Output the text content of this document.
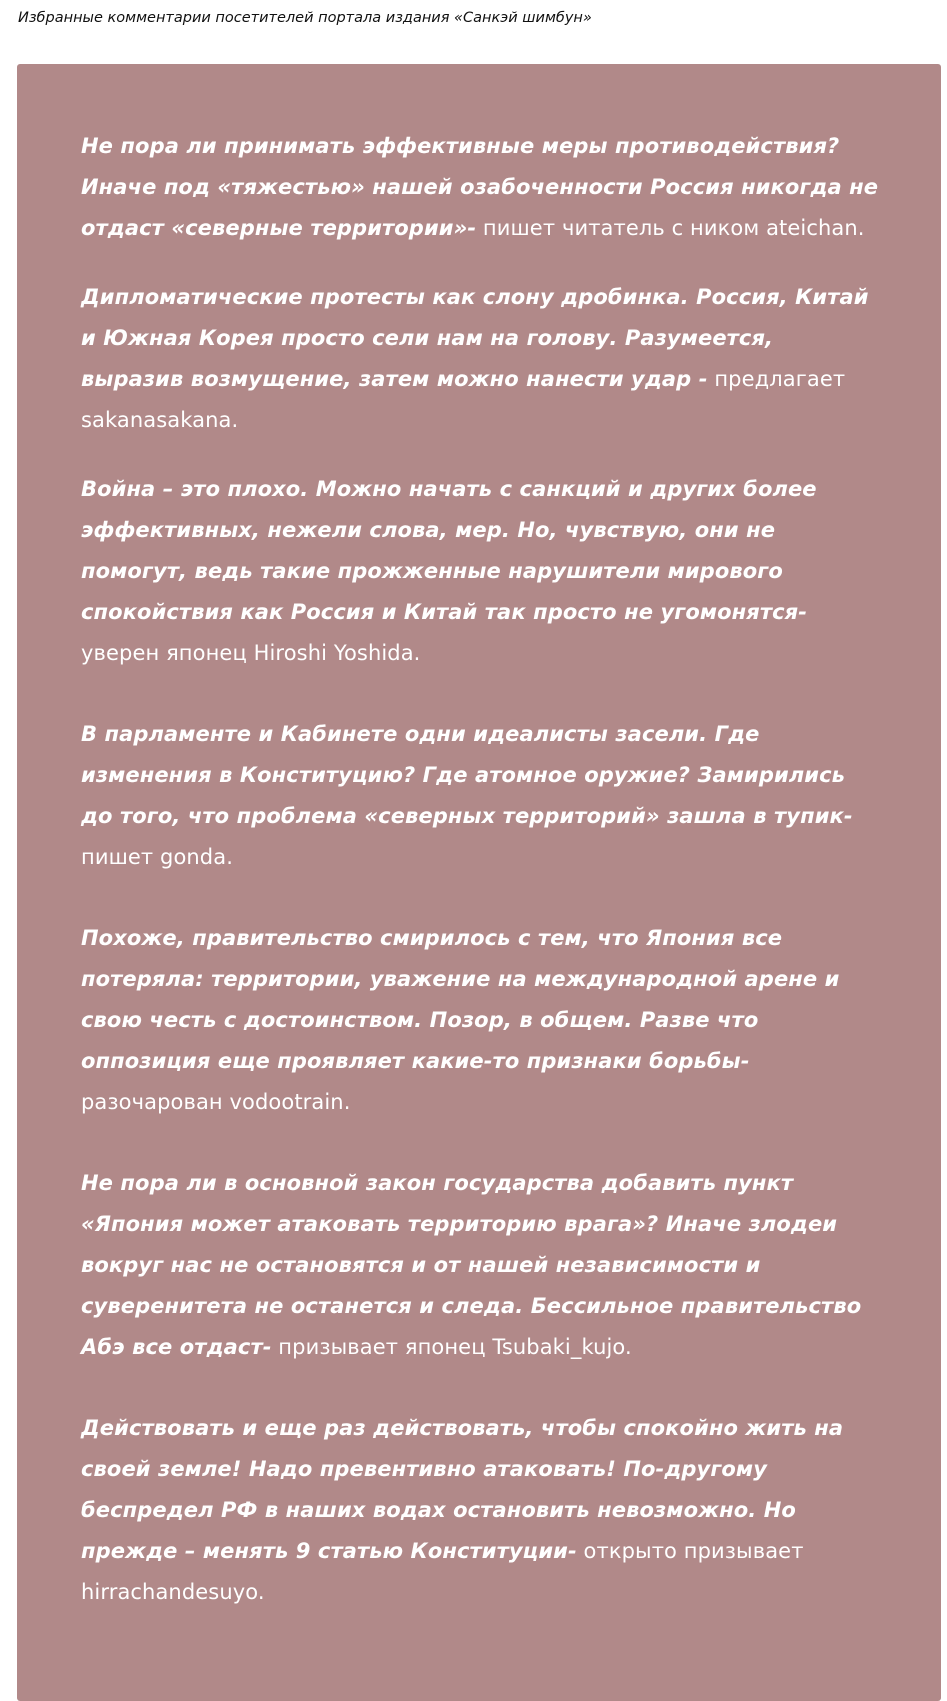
Избранные комментарии посетителей портала издания «Санкэй шимбун»

Не пора ли принимать эффективные меры противодействия? Иначе под «тяжестью» нашей озабоченности Россия никогда не отдаст «северные территории»- пишет читатель с ником ateichan.

Дипломатические протесты как слону дробинка. Россия, Китай и Южная Корея просто сели нам на голову. Разумеется, выразив возмущение, затем можно нанести удар - предлагает sakanasakana.

Война – это плохо. Можно начать с санкций и других более эффективных, нежели слова, мер. Но, чувствую, они не помогут, ведь такие прожженные нарушители мирового спокойствия как Россия и Китай так просто не угомонятся- уверен японец Hiroshi Yoshida.

В парламенте и Кабинете одни идеалисты засели. Где изменения в Конституцию? Где атомное оружие? Замирились до того, что проблема «северных территорий» зашла в тупик- пишет gonda.

Похоже, правительство смирилось с тем, что Япония все потеряла: территории, уважение на международной арене и свою честь с достоинством. Позор, в общем. Разве что оппозиция еще проявляет какие-то признаки борьбы- разочарован vodootrain.

Не пора ли в основной закон государства добавить пункт «Япония может атаковать территорию врага»? Иначе злодеи вокруг нас не остановятся и от нашей независимости и суверенитета не останется и следа. Бессильное правительство Абэ все отдаст- призывает японец Tsubaki_kujo.

Действовать и еще раз действовать, чтобы спокойно жить на своей земле! Надо превентивно атаковать! По-другому беспредел РФ в наших водах остановить невозможно. Но прежде – менять 9 статью Конституции- открыто призывает hirrachandesuyo.
